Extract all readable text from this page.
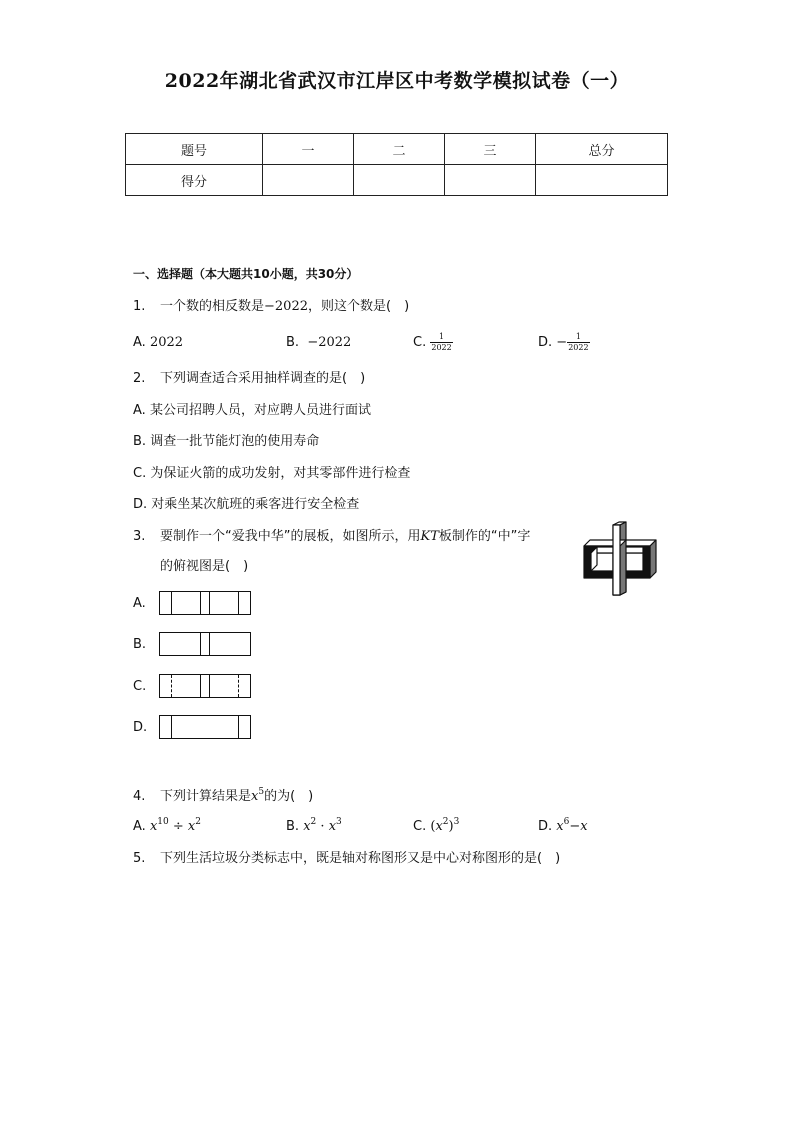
2022年湖北省武汉市江岸区中考数学模拟试卷（一）
题号	一	二	三	总分
得分				
一、选择题（本大题共10小题，共30分）
1. 一个数的相反数是−2022，则这个数是(　)
A. 2022	B. −2022	C. $\frac{1}{2022}$	D. − $\frac{1}{2022}$
2. 下列调查适合采用抽样调查的是(　)
A. 某公司招聘人员，对应聘人员进行面试
B. 调查一批节能灯泡的使用寿命
C. 为保证火箭的成功发射，对其零部件进行检查
D. 对乘坐某次航班的乘客进行安全检查
3. 要制作一个“爱我中华”的展板，如图所示，用KT板制作的“中”字
的俯视图是(　)
A.
B.
C.
D.
4. 下列计算结果是$x^5$的为(　)
A. $x^{10} \div x^2$	B. $x^2 \cdot x^3$	C. $(x^2)^3$	D. $x^6-x$
5. 下列生活垃圾分类标志中，既是轴对称图形又是中心对称图形的是(　)
